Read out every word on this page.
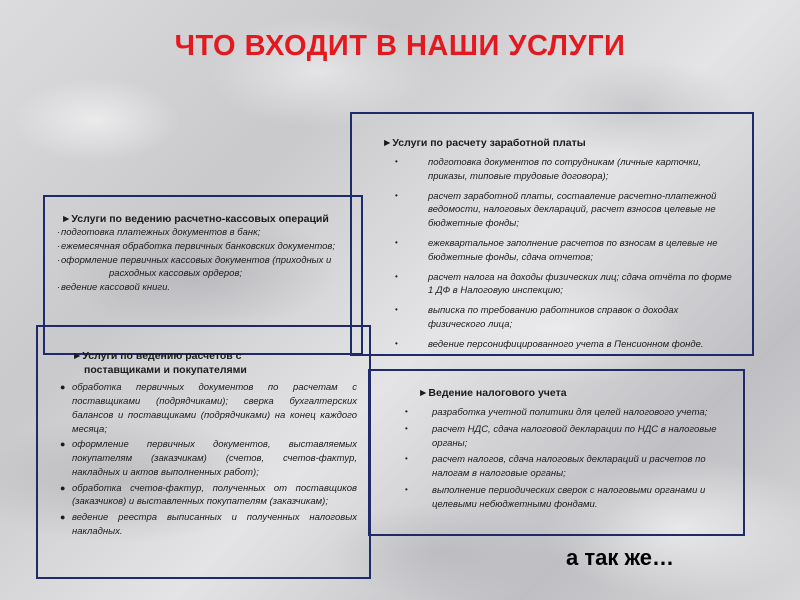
ЧТО ВХОДИТ В НАШИ УСЛУГИ
►Услуги по ведению расчетно-кассовых операций
· подготовка платежных документов в банк;
· ежемесячная обработка первичных банковских документов;
· оформление первичных кассовых документов (приходных и расходных кассовых ордеров;
· ведение кассовой книги.
►Услуги по расчету заработной платы
•	подготовка документов по сотрудникам (личные карточки, приказы, типовые трудовые договора);
•	расчет заработной платы, составление расчетно-платежной ведомости, налоговых деклараций, расчет взносов целевые не бюджетные фонды;
•	ежеквартальное заполнение расчетов по взносам в целевые не бюджетные фонды, сдача отчетов;
•	расчет налога на доходы физических лиц; сдача отчёта по форме 1 ДФ в Налоговую инспекцию;
•	выписка по требованию работников справок о доходах физического лица;
•	ведение персонифицированного учета в Пенсионном фонде.
►Услуги по ведению расчетов с
поставщиками и покупателями
● обработка первичных документов по расчетам с поставщиками (подрядчиками); сверка бухгалтерских балансов и поставщиками (подрядчиками) на конец каждого месяца;
● оформление первичных документов, выставляемых покупателям (заказчикам) (счетов, счетов-фактур, накладных и актов выполненных работ);
● обработка счетов-фактур, полученных от поставщиков (заказчиков) и выставленных покупателям (заказчикам);
● ведение реестра выписанных и полученных налоговых накладных.
►Ведение налогового учета
•	разработка учетной политики для целей налогового учета;
•	расчет НДС, сдача налоговой декларации по НДС в налоговые органы;
•	расчет налогов, сдача налоговых деклараций и расчетов по налогам в налоговые органы;
•	выполнение периодических сверок с налоговыми органами и целевыми небюджетными фондами.
а так же…
